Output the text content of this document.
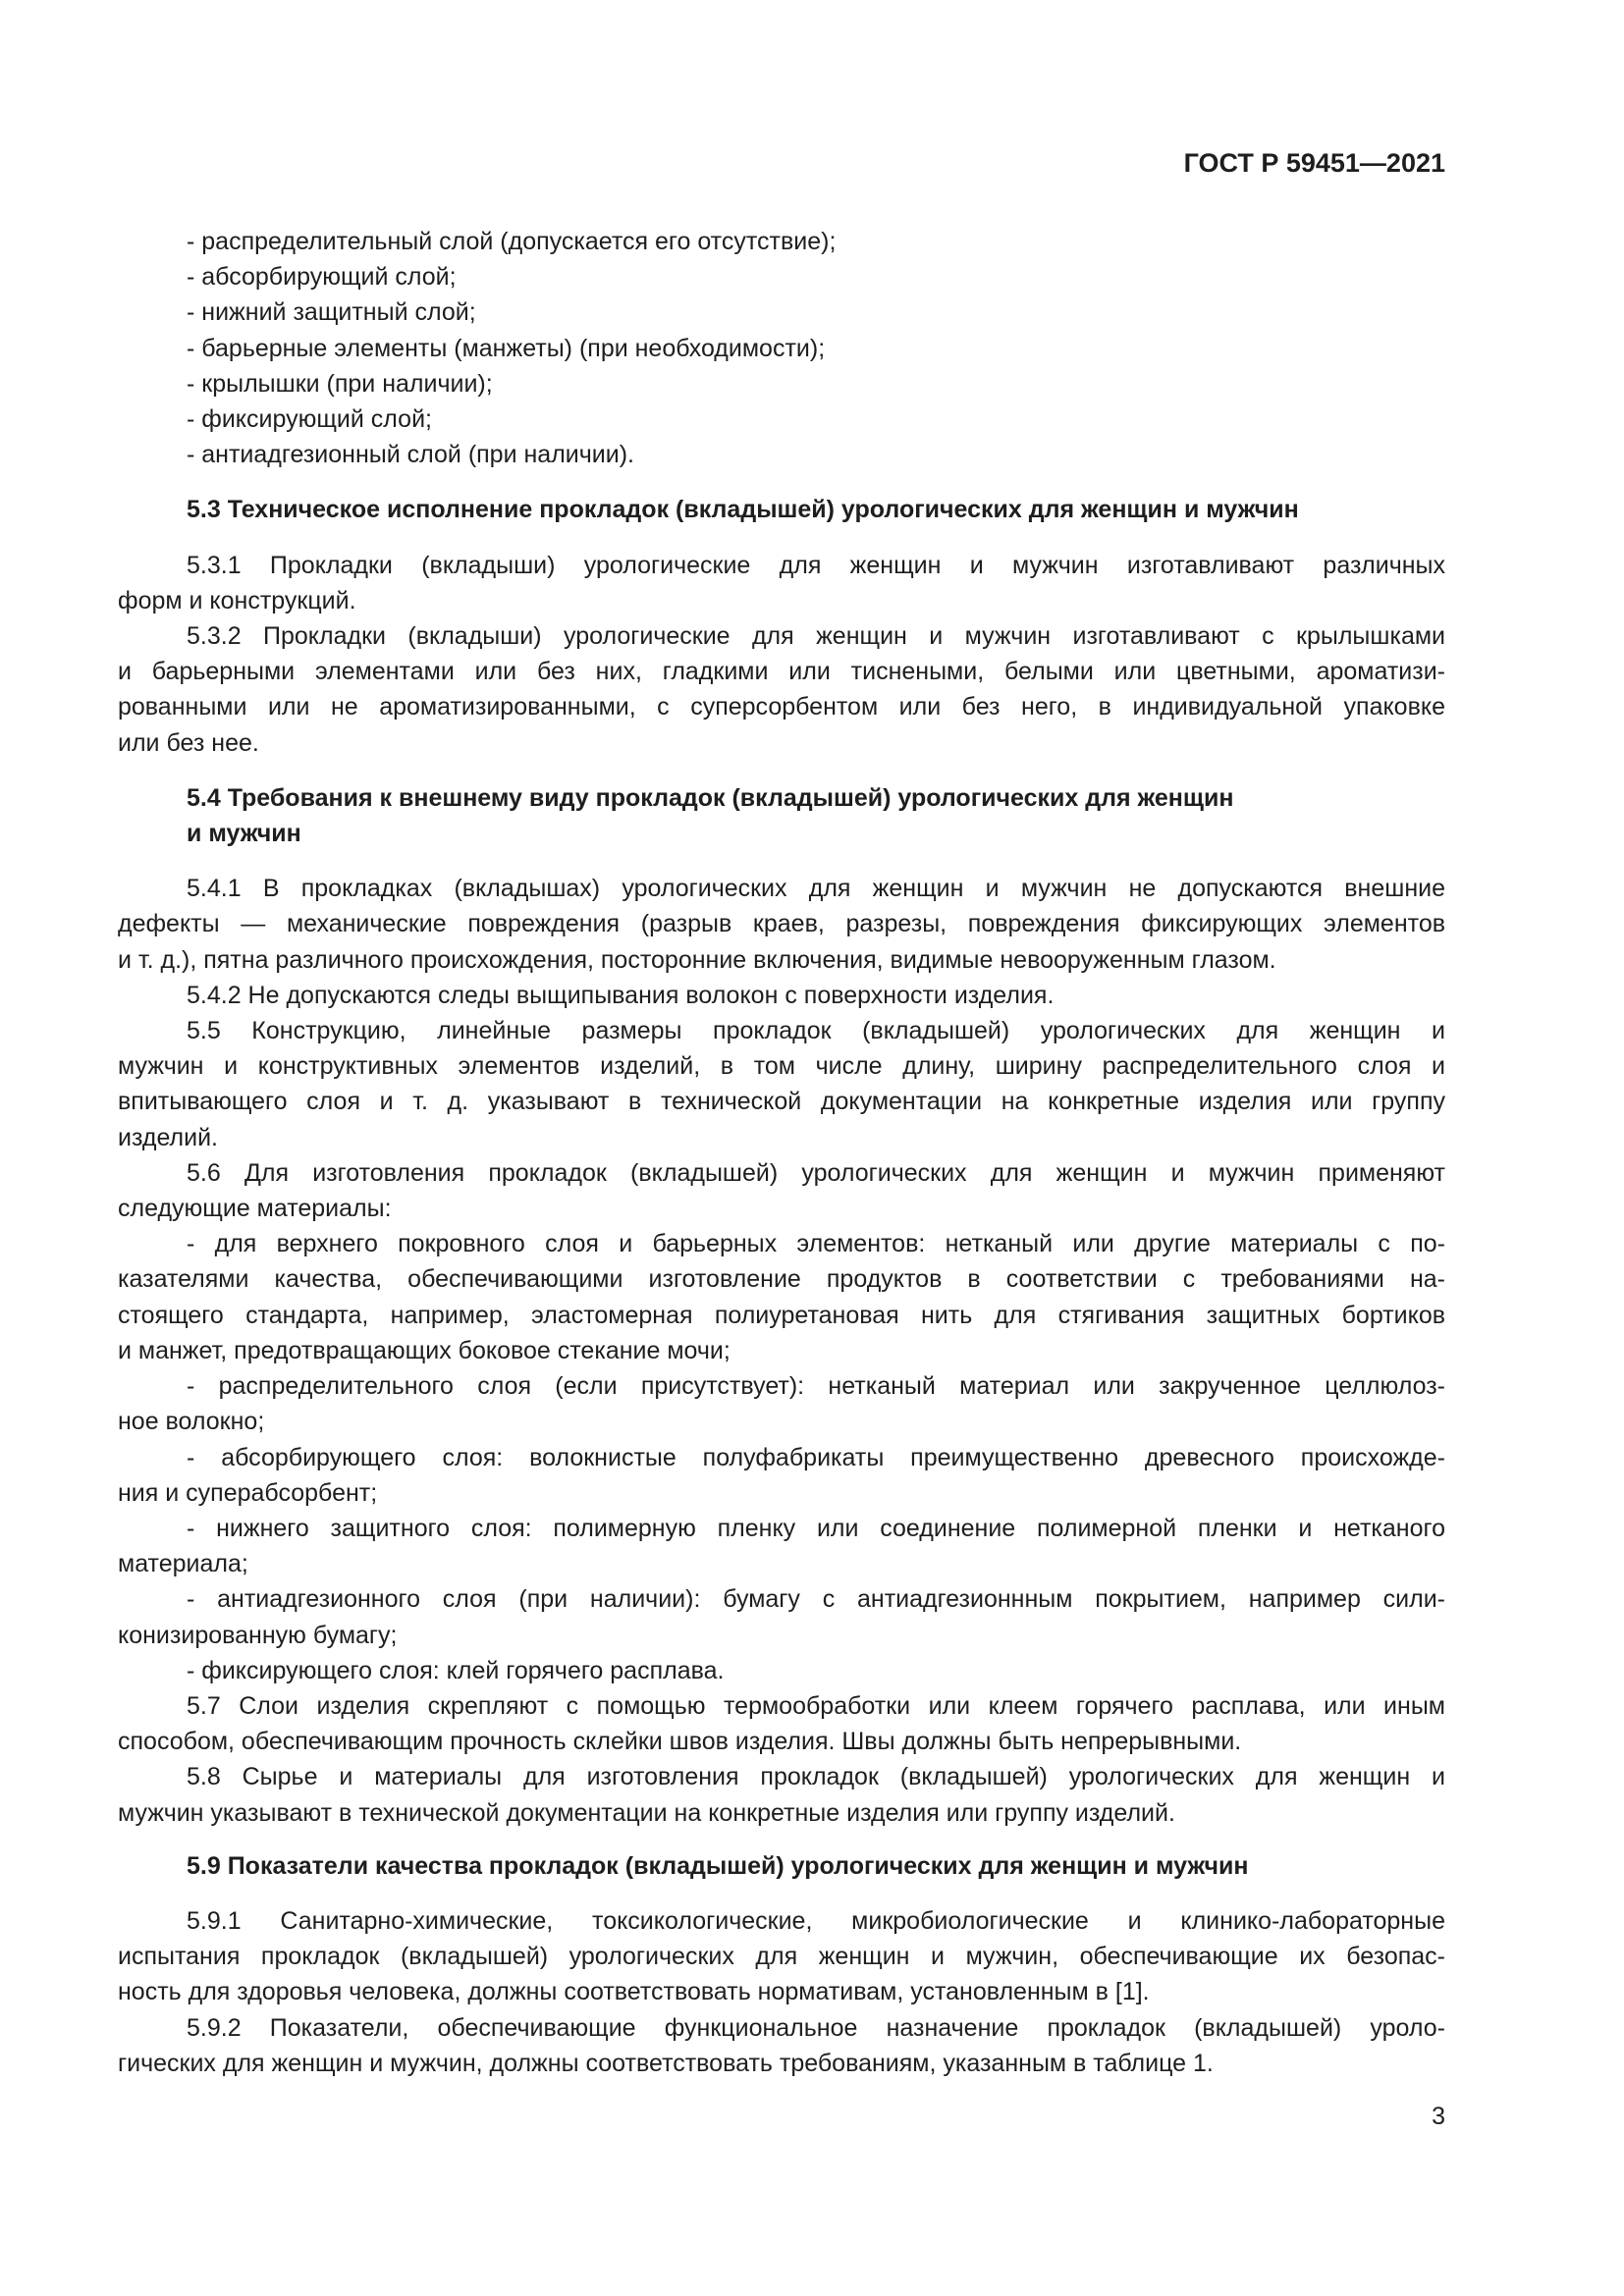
ГОСТ Р 59451—2021

- распределительный слой (допускается его отсутствие);

- абсорбирующий слой;

- нижний защитный слой;

- барьерные элементы (манжеты) (при необходимости);

- крылышки (при наличии);

- фиксирующий слой;

- антиадгезионный слой (при наличии).

5.3 Техническое исполнение прокладок (вкладышей) урологических для женщин и мужчин

5.3.1 Прокладки (вкладыши) урологические для женщин и мужчин изготавливают различных

форм и конструкций.

5.3.2 Прокладки (вкладыши) урологические для женщин и мужчин изготавливают с крылышками

и барьерными элементами или без них, гладкими или тиснеными, белыми или цветными, ароматизи-

рованными или не ароматизированными, с суперсорбентом или без него, в индивидуальной упаковке

или без нее.

5.4 Требования к внешнему виду прокладок (вкладышей) урологических для женщин

и мужчин

5.4.1 В прокладках (вкладышах) урологических для женщин и мужчин не допускаются внешние

дефекты — механические повреждения (разрыв краев, разрезы, повреждения фиксирующих элементов

и т. д.), пятна различного происхождения, посторонние включения, видимые невооруженным глазом.

5.4.2 Не допускаются следы выщипывания волокон с поверхности изделия.

5.5 Конструкцию, линейные размеры прокладок (вкладышей) урологических для женщин и

мужчин и конструктивных элементов изделий, в том числе длину, ширину распределительного слоя и

впитывающего слоя и т. д. указывают в технической документации на конкретные изделия или группу

изделий.

5.6 Для изготовления прокладок (вкладышей) урологических для женщин и мужчин применяют

следующие материалы:

- для верхнего покровного слоя и барьерных элементов: нетканый или другие материалы с по-

казателями качества, обеспечивающими изготовление продуктов в соответствии с требованиями на-

стоящего стандарта, например, эластомерная полиуретановая нить для стягивания защитных бортиков

и манжет, предотвращающих боковое стекание мочи;

- распределительного слоя (если присутствует): нетканый материал или закрученное целлюлоз-

ное волокно;

- абсорбирующего слоя: волокнистые полуфабрикаты преимущественно древесного происхожде-

ния и суперабсорбент;

- нижнего защитного слоя: полимерную пленку или соединение полимерной пленки и нетканого

материала;

- антиадгезионного слоя (при наличии): бумагу с антиадгезионнным покрытием, например сили-

конизированную бумагу;

- фиксирующего слоя: клей горячего расплава.

5.7 Слои изделия скрепляют с помощью термообработки или клеем горячего расплава, или иным

способом, обеспечивающим прочность склейки швов изделия. Швы должны быть непрерывными.

5.8 Сырье и материалы для изготовления прокладок (вкладышей) урологических для женщин и

мужчин указывают в технической документации на конкретные изделия или группу изделий.

5.9 Показатели качества прокладок (вкладышей) урологических для женщин и мужчин

5.9.1 Санитарно-химические, токсикологические, микробиологические и клинико-лабораторные

испытания прокладок (вкладышей) урологических для женщин и мужчин, обеспечивающие их безопас-

ность для здоровья человека, должны соответствовать нормативам, установленным в [1].

5.9.2 Показатели, обеспечивающие функциональное назначение прокладок (вкладышей) уроло-

гических для женщин и мужчин, должны соответствовать требованиям, указанным в таблице 1.

3
